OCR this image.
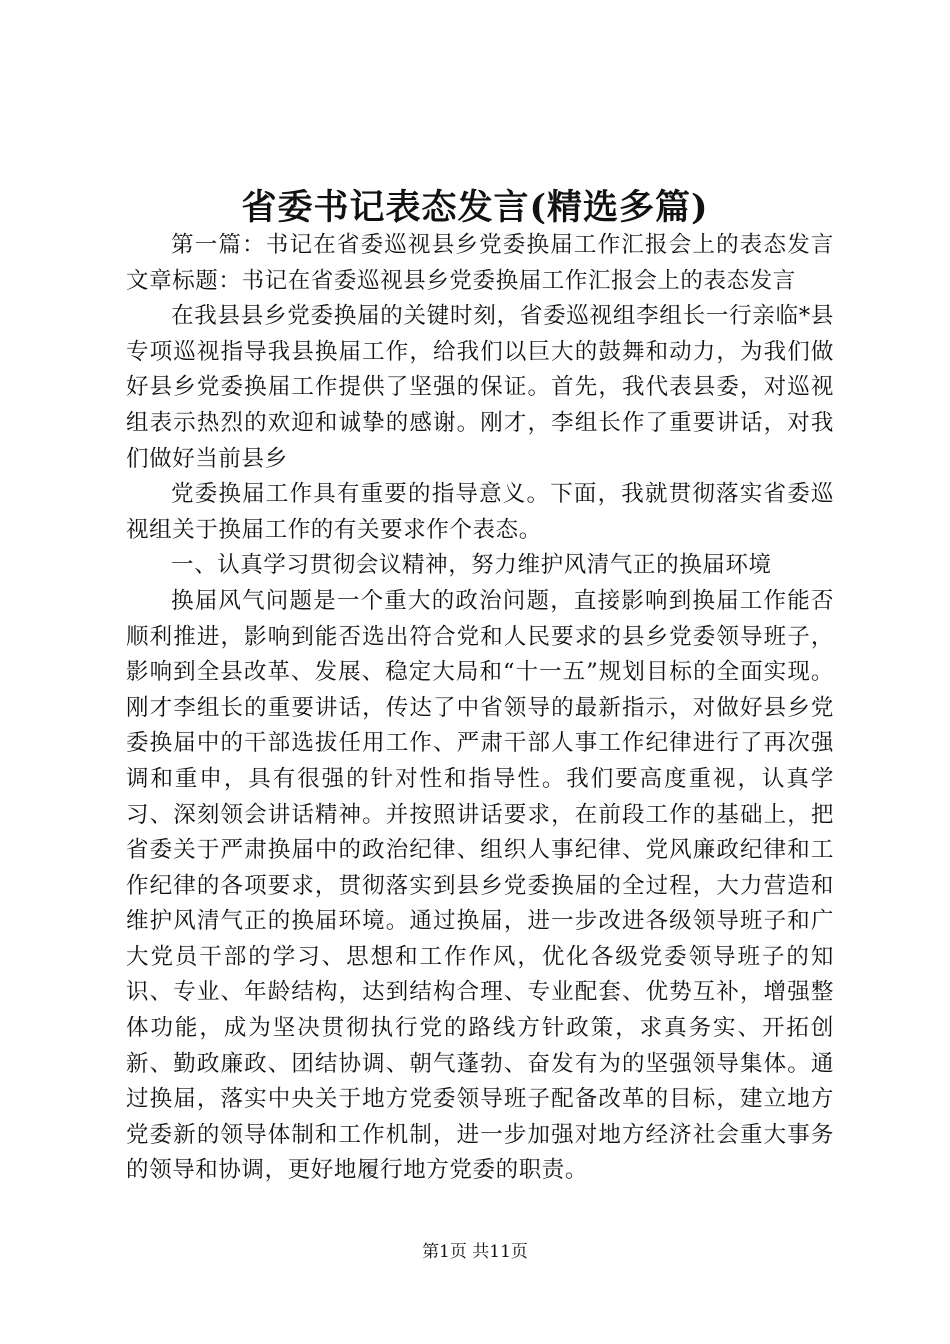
省委书记表态发言(精选多篇)

第一篇：书记在省委巡视县乡党委换届工作汇报会上的表态发言文章标题：书记在省委巡视县乡党委换届工作汇报会上的表态发言

在我县县乡党委换届的关键时刻，省委巡视组李组长一行亲临*县专项巡视指导我县换届工作，给我们以巨大的鼓舞和动力，为我们做好县乡党委换届工作提供了坚强的保证。首先，我代表县委，对巡视组表示热烈的欢迎和诚挚的感谢。刚才，李组长作了重要讲话，对我们做好当前县乡

党委换届工作具有重要的指导意义。下面，我就贯彻落实省委巡视组关于换届工作的有关要求作个表态。

一、认真学习贯彻会议精神，努力维护风清气正的换届环境

换届风气问题是一个重大的政治问题，直接影响到换届工作能否顺利推进，影响到能否选出符合党和人民要求的县乡党委领导班子，影响到全县改革、发展、稳定大局和“十一五”规划目标的全面实现。刚才李组长的重要讲话，传达了中省领导的最新指示，对做好县乡党委换届中的干部选拔任用工作、严肃干部人事工作纪律进行了再次强调和重申，具有很强的针对性和指导性。我们要高度重视，认真学习、深刻领会讲话精神。并按照讲话要求，在前段工作的基础上，把省委关于严肃换届中的政治纪律、组织人事纪律、党风廉政纪律和工作纪律的各项要求，贯彻落实到县乡党委换届的全过程，大力营造和维护风清气正的换届环境。通过换届，进一步改进各级领导班子和广大党员干部的学习、思想和工作作风，优化各级党委领导班子的知识、专业、年龄结构，达到结构合理、专业配套、优势互补，增强整体功能，成为坚决贯彻执行党的路线方针政策，求真务实、开拓创新、勤政廉政、团结协调、朝气蓬勃、奋发有为的坚强领导集体。通过换届，落实中央关于地方党委领导班子配备改革的目标，建立地方党委新的领导体制和工作机制，进一步加强对地方经济社会重大事务的领导和协调，更好地履行地方党委的职责。

第1页 共11页
